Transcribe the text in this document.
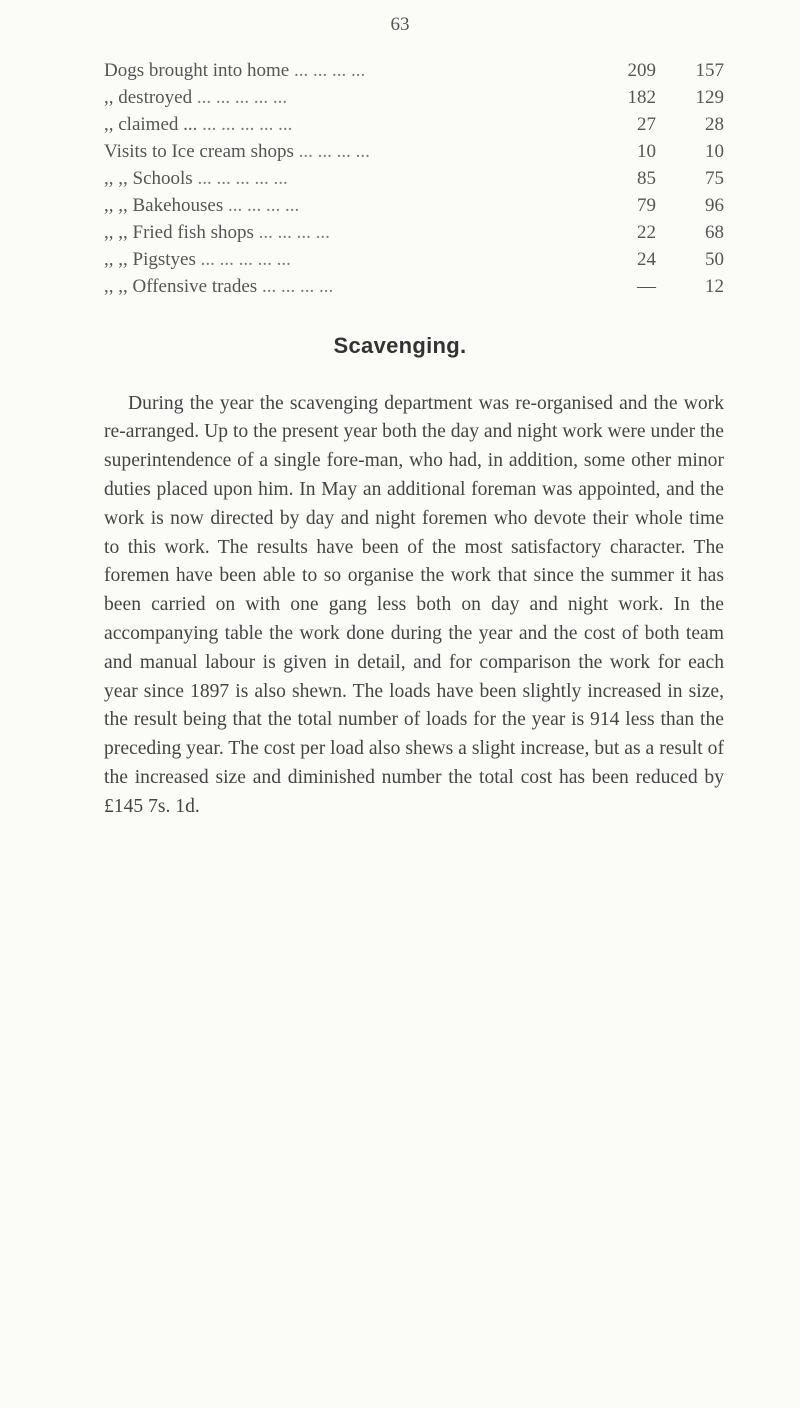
63
Dogs brought into home ... ... ... ...	209	157
,, destroyed ... ... ... ... ...	182	129
,, claimed ... ... ... ... ... ...	27	28
Visits to Ice cream shops ... ... ... ...	10	10
,, ,, Schools ... ... ... ... ...	85	75
,, ,, Bakehouses ... ... ... ...	79	96
,, ,, Fried fish shops ... ... ... ...	22	68
,, ,, Pigstyes ... ... ... ... ...	24	50
,, ,, Offensive trades ... ... ... ...	—	12
Scavenging.

During the year the scavenging department was re-organised and the work re-arranged. Up to the present year both the day and night work were under the superintendence of a single fore-man, who had, in addition, some other minor duties placed upon him. In May an additional foreman was appointed, and the work is now directed by day and night foremen who devote their whole time to this work. The results have been of the most satisfactory character. The foremen have been able to so organise the work that since the summer it has been carried on with one gang less both on day and night work. In the accompanying table the work done during the year and the cost of both team and manual labour is given in detail, and for comparison the work for each year since 1897 is also shewn. The loads have been slightly increased in size, the result being that the total number of loads for the year is 914 less than the preceding year. The cost per load also shews a slight increase, but as a result of the increased size and diminished number the total cost has been reduced by £145 7s. 1d.
